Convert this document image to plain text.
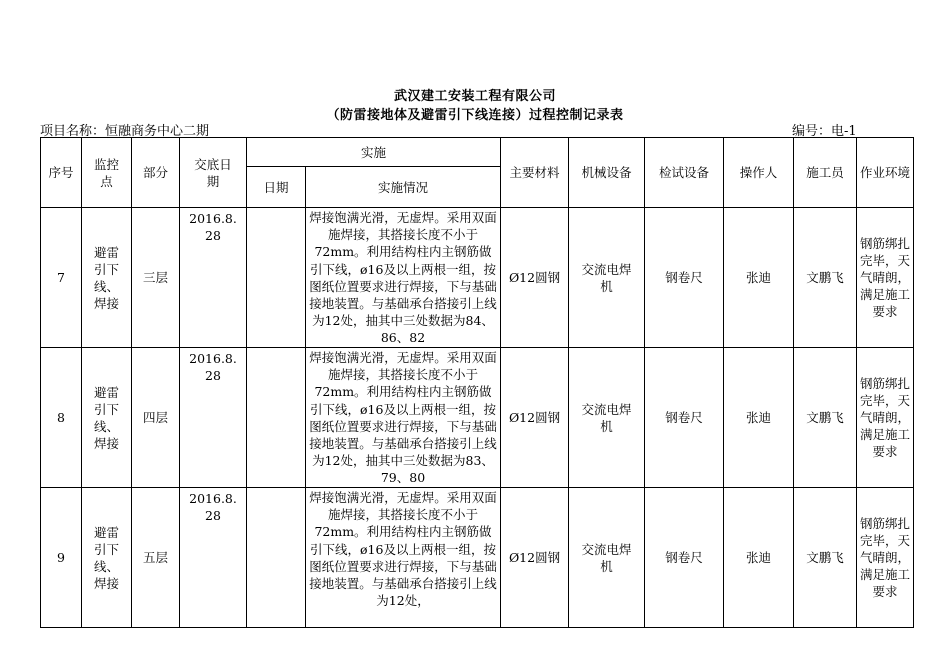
武汉建工安装工程有限公司
（防雷接地体及避雷引下线连接）过程控制记录表
项目名称：恒融商务中心二期	编号：电-1
序号	监控
点	部分	交底日
期	实施		主要材料	机械设备	检试设备	操作人	施工员	作业环境
				日期	实施情况						
7	避雷
引下
线、
焊接	三层	2016.8.
28		焊接饱满光滑，无虚焊。采用双面施焊接，其搭接长度不小于72mm。利用结构柱内主钢筋做引下线，ø16及以上两根一组，按图纸位置要求进行焊接，下与基础接地装置。与基础承台搭接引上线为12处，抽其中三处数据为84、86、82	Ø12圆钢	交流电焊
机	钢卷尺	张迪	文鹏飞	钢筋绑扎
完毕，天
气晴朗，
满足施工
要求
8	避雷
引下
线、
焊接	四层	2016.8.
28		焊接饱满光滑，无虚焊。采用双面施焊接，其搭接长度不小于72mm。利用结构柱内主钢筋做引下线，ø16及以上两根一组，按图纸位置要求进行焊接，下与基础接地装置。与基础承台搭接引上线为12处，抽其中三处数据为83、79、80	Ø12圆钢	交流电焊
机	钢卷尺	张迪	文鹏飞	钢筋绑扎
完毕，天
气晴朗，
满足施工
要求
9	避雷
引下
线、
焊接	五层	2016.8.
28		焊接饱满光滑，无虚焊。采用双面施焊接，其搭接长度不小于72mm。利用结构柱内主钢筋做引下线，ø16及以上两根一组，按图纸位置要求进行焊接，下与基础接地装置。与基础承台搭接引上线为12处，	Ø12圆钢	交流电焊
机	钢卷尺	张迪	文鹏飞	钢筋绑扎
完毕，天
气晴朗，
满足施工
要求
